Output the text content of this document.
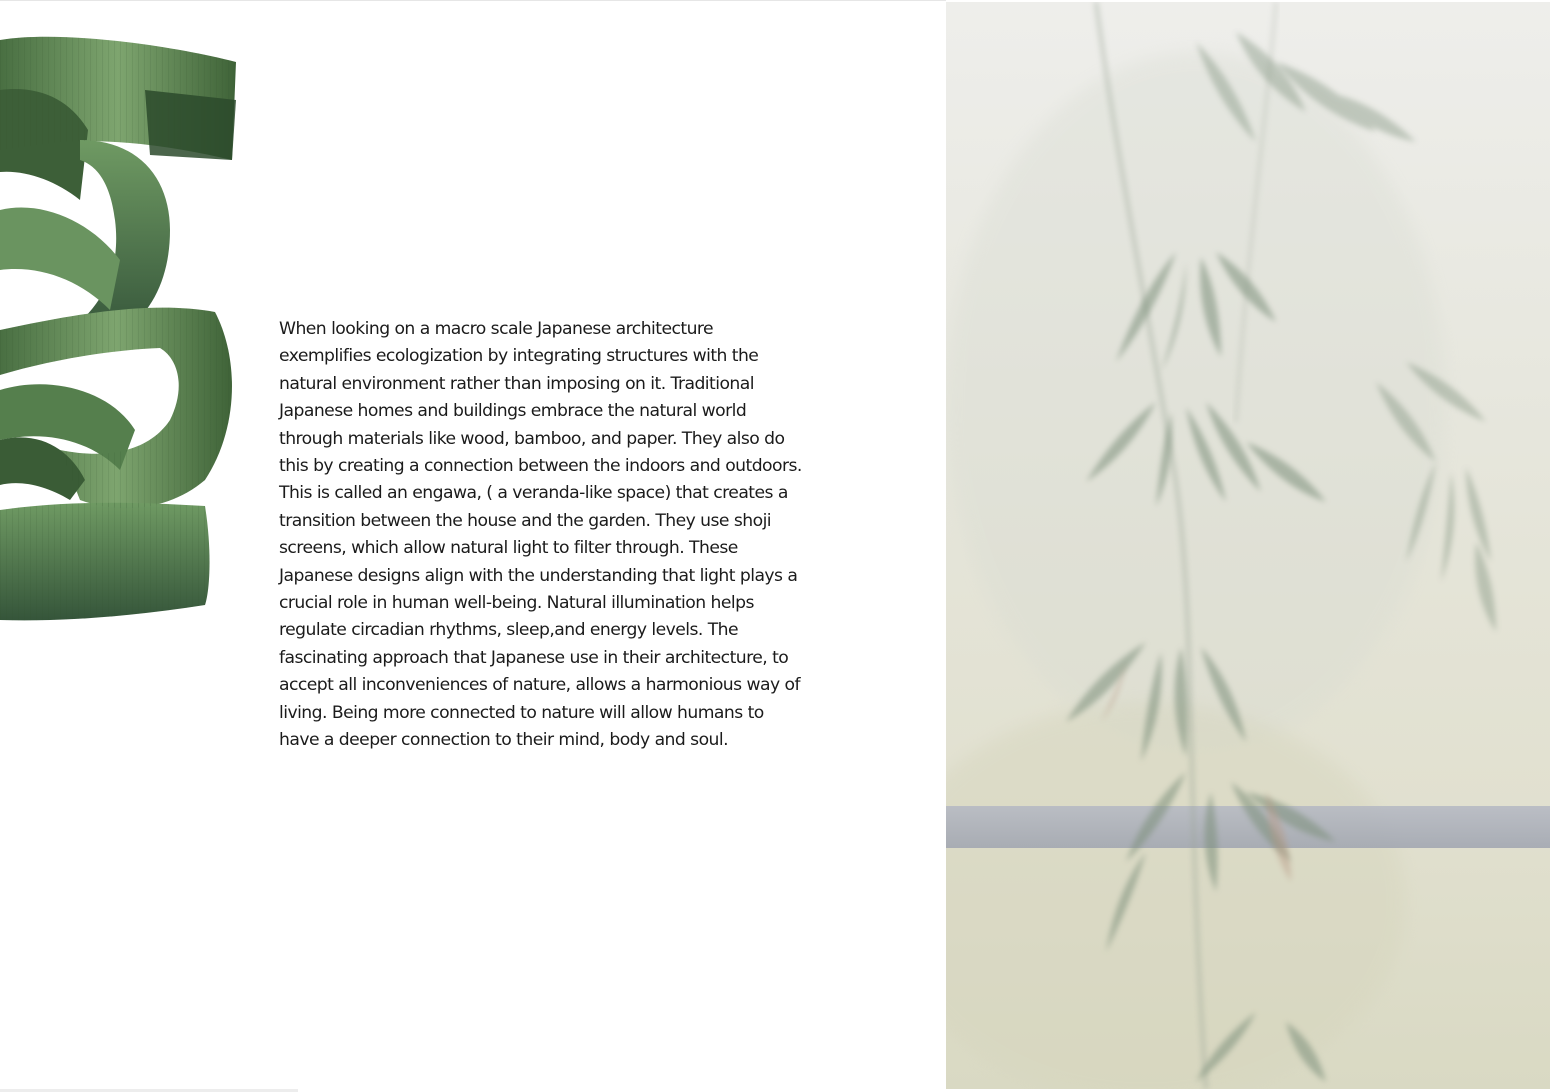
When looking on a macro scale Japanese architecture
exemplifies ecologization by integrating structures with the
natural environment rather than imposing on it. Traditional
Japanese homes and buildings embrace the natural world
through materials like wood, bamboo, and paper. They also do
this by creating a connection between the indoors and outdoors.
This is called an engawa, ( a veranda-like space) that creates a
transition between the house and the garden. They use shoji
screens, which allow natural light to filter through. These
Japanese designs align with the understanding that light plays a
crucial role in human well-being. Natural illumination helps
regulate circadian rhythms, sleep,and energy levels. The
fascinating approach that Japanese use in their architecture, to
accept all inconveniences of nature, allows a harmonious way of
living. Being more connected to nature will allow humans to
have a deeper connection to their mind, body and soul.
